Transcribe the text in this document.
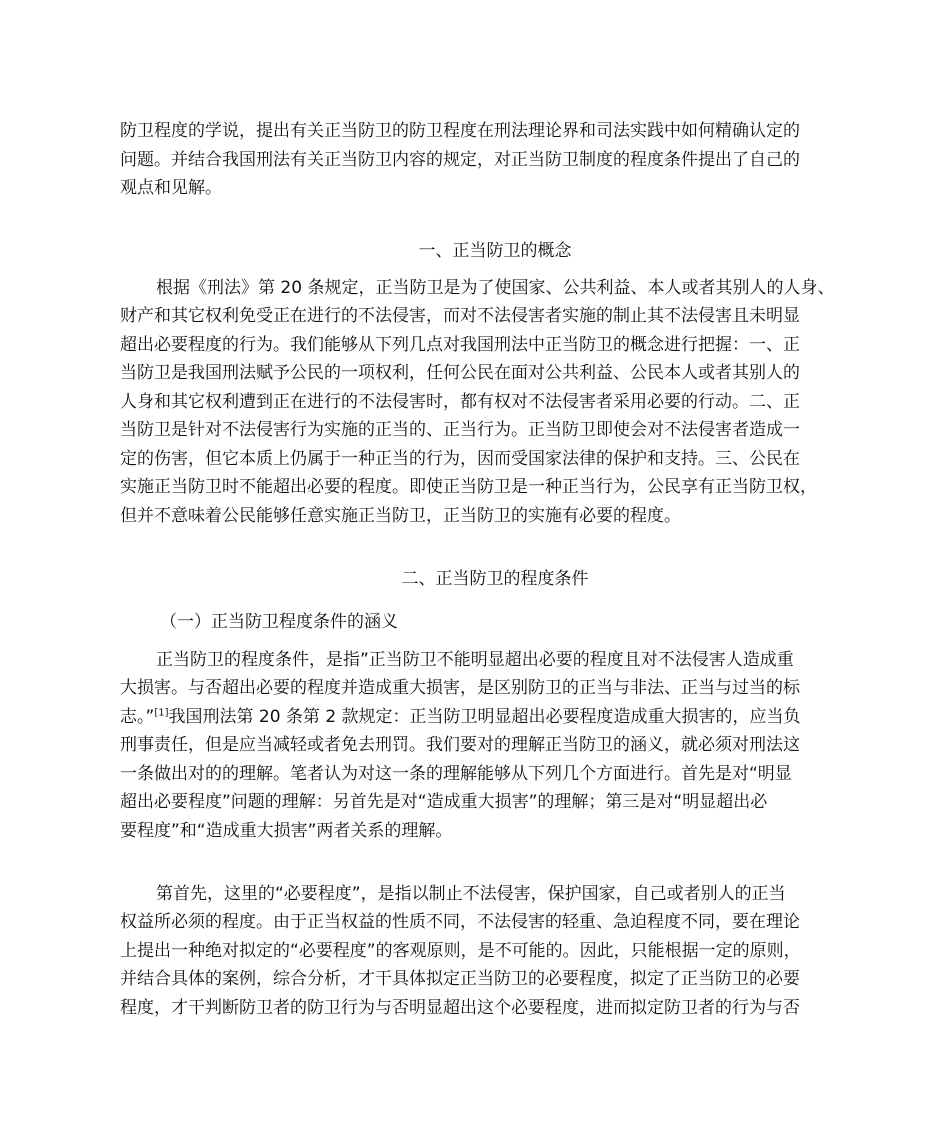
防卫程度的学说，提出有关正当防卫的防卫程度在刑法理论界和司法实践中如何精确认定的
问题。并结合我国刑法有关正当防卫内容的规定，对正当防卫制度的程度条件提出了自己的
观点和见解。
一、正当防卫的概念
根据《刑法》第 20 条规定，正当防卫是为了使国家、公共利益、本人或者其别人的人身、
财产和其它权利免受正在进行的不法侵害，而对不法侵害者实施的制止其不法侵害且未明显
超出必要程度的行为。我们能够从下列几点对我国刑法中正当防卫的概念进行把握：一、正
当防卫是我国刑法赋予公民的一项权利，任何公民在面对公共利益、公民本人或者其别人的
人身和其它权利遭到正在进行的不法侵害时，都有权对不法侵害者采用必要的行动。二、正
当防卫是针对不法侵害行为实施的正当的、正当行为。正当防卫即使会对不法侵害者造成一
定的伤害，但它本质上仍属于一种正当的行为，因而受国家法律的保护和支持。三、公民在
实施正当防卫时不能超出必要的程度。即使正当防卫是一种正当行为，公民享有正当防卫权，
但并不意味着公民能够任意实施正当防卫，正当防卫的实施有必要的程度。
二、正当防卫的程度条件
（一）正当防卫程度条件的涵义
正当防卫的程度条件，是指”正当防卫不能明显超出必要的程度且对不法侵害人造成重
大损害。与否超出必要的程度并造成重大损害，是区别防卫的正当与非法、正当与过当的标
志。”[1]我国刑法第 20 条第 2 款规定：正当防卫明显超出必要程度造成重大损害的，应当负
刑事责任，但是应当减轻或者免去刑罚。我们要对的理解正当防卫的涵义，就必须对刑法这
一条做出对的的理解。笔者认为对这一条的理解能够从下列几个方面进行。首先是对“明显
超出必要程度”问题的理解：另首先是对“造成重大损害”的理解；第三是对“明显超出必
要程度”和“造成重大损害”两者关系的理解。
第首先，这里的“必要程度”，是指以制止不法侵害，保护国家，自己或者别人的正当
权益所必须的程度。由于正当权益的性质不同，不法侵害的轻重、急迫程度不同，要在理论
上提出一种绝对拟定的“必要程度”的客观原则，是不可能的。因此，只能根据一定的原则，
并结合具体的案例，综合分析，才干具体拟定正当防卫的必要程度，拟定了正当防卫的必要
程度，才干判断防卫者的防卫行为与否明显超出这个必要程度，进而拟定防卫者的行为与否
